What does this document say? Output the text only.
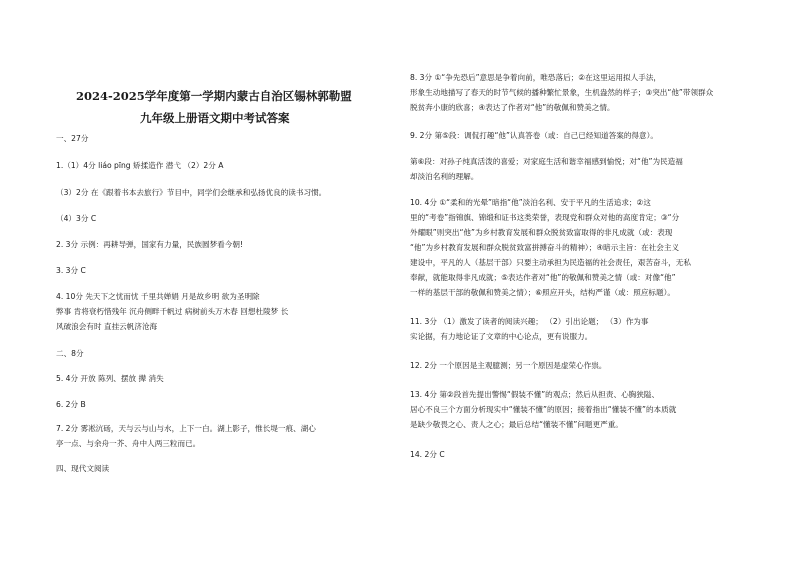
2024-2025学年度第一学期内蒙古自治区锡林郭勒盟
九年级上册语文期中考试答案
一、27分
1.（1）4分 liáo pīng 矫揉造作 潜弋 （2）2分 A
（3）2分 在《跟着书本去旅行》节目中，同学们会继承和弘扬优良的读书习惯。
（4）3分 C
2. 3分 示例：再耕导弹，国家有力量，民族圆梦看今朝!
3. 3分 C
4. 10分 先天下之忧而忧 千里共婵娟 月是故乡明 欲为圣明除
弊事 肯将衰朽惜残年 沉舟侧畔千帆过 病树前头万木春 回想杜陵梦 长
风破浪会有时 直挂云帆济沧海
二、8分
5. 4分 开放 陈列、摆放 撵 消失
6. 2分 B
7. 2分 雾凇沆砀，天与云与山与水，上下一白。湖上影子，惟长堤一痕、湖心
亭一点、与余舟一芥、舟中人两三粒而已。
四、现代文阅读
8. 3分 ①“争先恐后”意思是争着向前，唯恐落后；②在这里运用拟人手法，
形象生动地描写了春天的时节气候的播种繁忙景象，生机盎然的样子；③突出“他”带领群众
脱贫奔小康的欣喜；④表达了作者对“他”的敬佩和赞美之情。
9. 2分 第⑤段：调侃打趣“他”认真答卷（或：自己已经知道答案的得意）。
第⑥段：对孙子纯真活泼的喜爱；对家庭生活和谐幸福感到愉悦；对“他”为民造福
却淡泊名利的理解。
10. 4分 ①“柔和的光晕”暗指“他”淡泊名利、安于平凡的生活追求；②这
里的“考卷”指锦旗、锦缎和证书这类荣誉，表现党和群众对他的高度肯定；③“分
外耀眼”则突出“他”为乡村教育发展和群众脱贫致富取得的非凡成就（或：表现
“他”为乡村教育发展和群众脱贫致富拼搏奋斗的精神）；④暗示主旨：在社会主义
建设中，平凡的人（基层干部）只要主动承担为民造福的社会责任，艰苦奋斗，无私
奉献，就能取得非凡成就；⑤表达作者对“他”的敬佩和赞美之情（或：对像“他”
一样的基层干部的敬佩和赞美之情）；⑥照应开头，结构严谨（或：照应标题）。
11. 3分 （1）激发了读者的阅读兴趣； （2）引出论题； （3）作为事
实论据，有力地论证了文章的中心论点，更有说服力。
12. 2分 一个原因是主观臆测；另一个原因是虚荣心作祟。
13. 4分 第②段首先提出警惕“假装不懂”的观点；然后从担责、心胸狭隘、
居心不良三个方面分析现实中“懂装不懂”的原因；接着指出“懂装不懂”的本质就
是缺少敬畏之心、责人之心；最后总结“懂装不懂”问题更严重。
14. 2分 C
